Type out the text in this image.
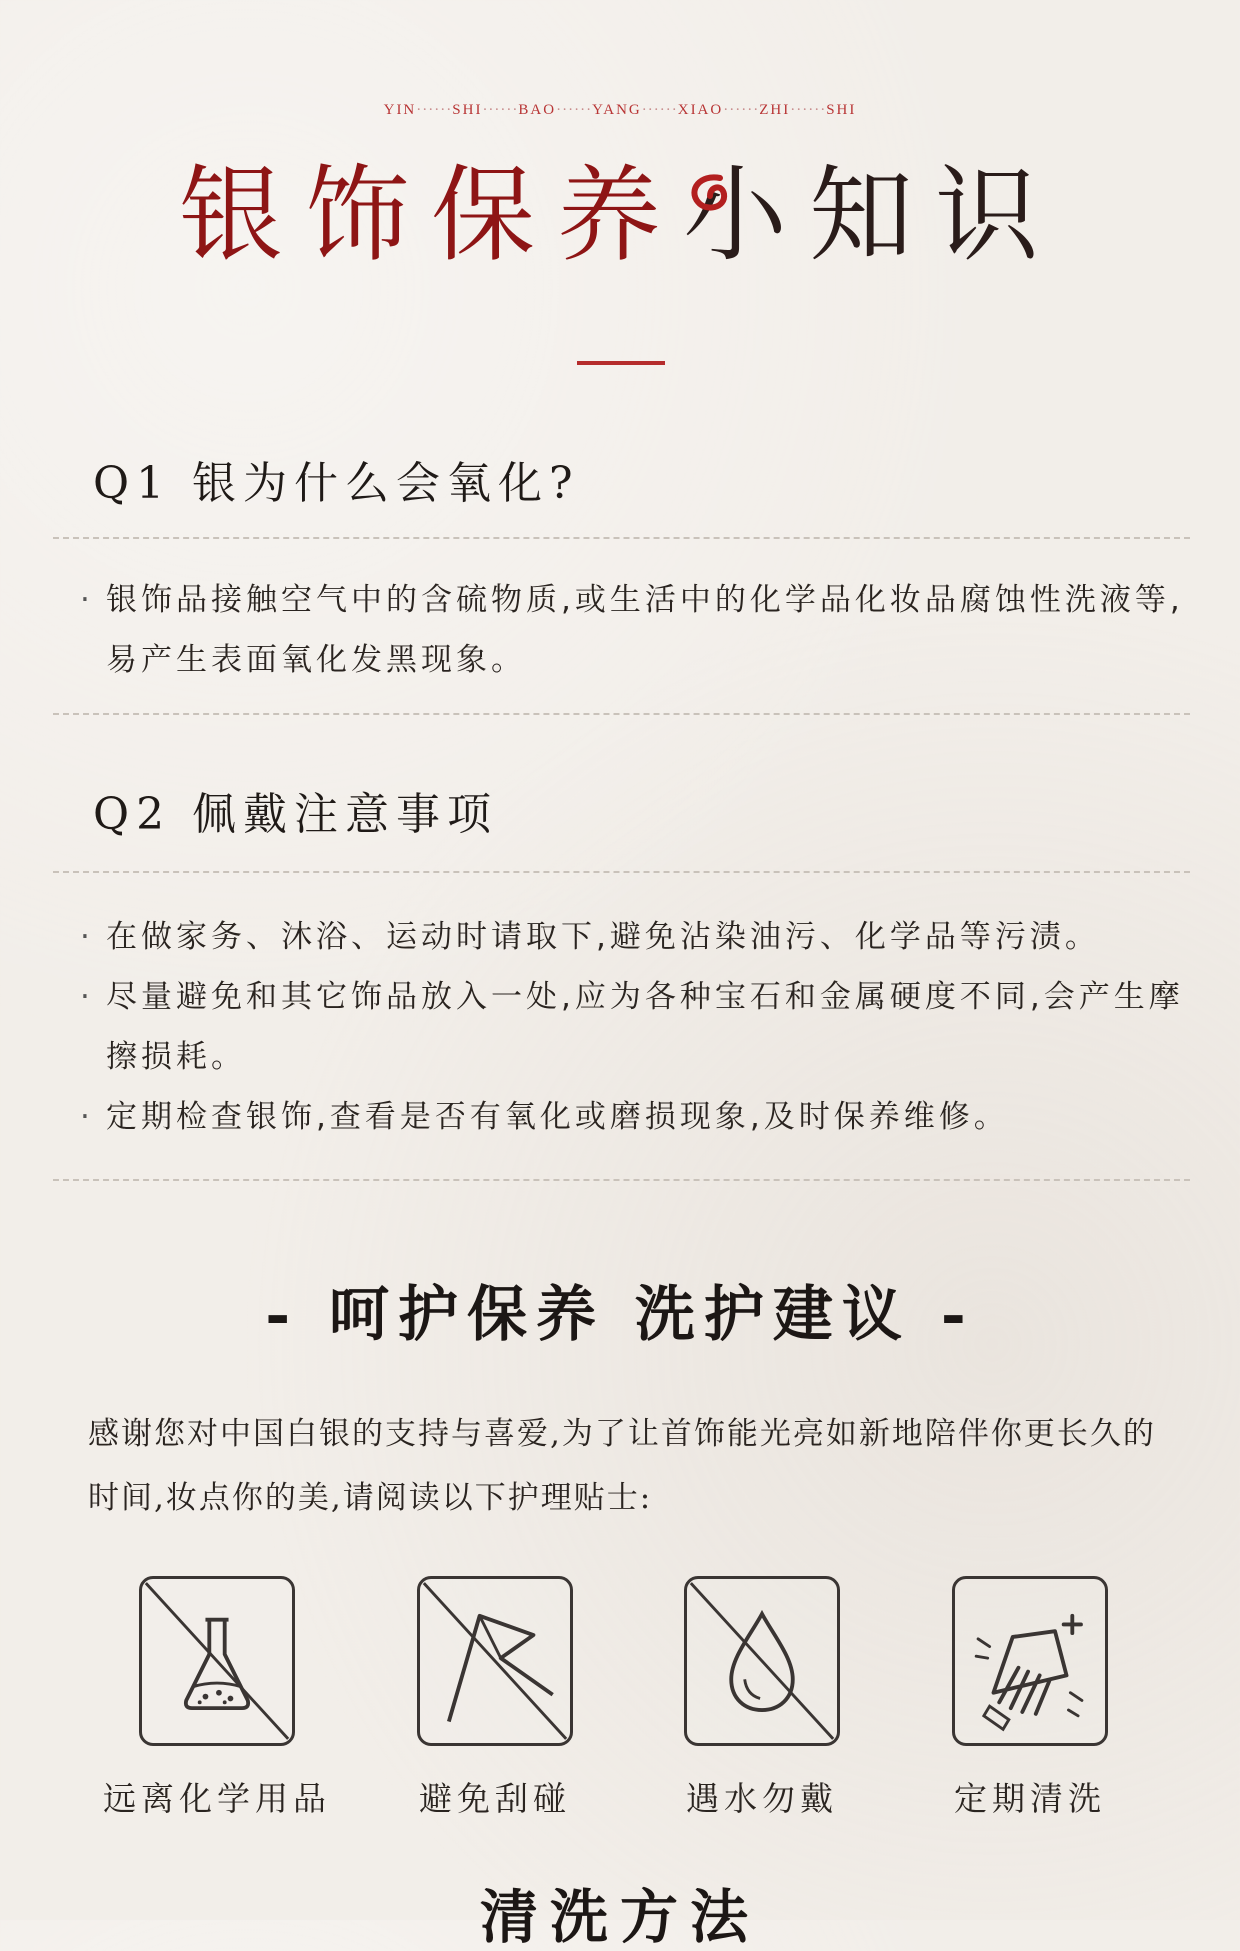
YIN······SHI······BAO······YANG······XIAO······ZHI······SHI
银饰保养小知识
Q1 银为什么会氧化?
· 银饰品接触空气中的含硫物质,或生活中的化学品化妆品腐蚀性洗液等,易产生表面氧化发黑现象。
Q2 佩戴注意事项
· 在做家务、沐浴、运动时请取下,避免沾染油污、化学品等污渍。
· 尽量避免和其它饰品放入一处,应为各种宝石和金属硬度不同,会产生摩擦损耗。
· 定期检查银饰,查看是否有氧化或磨损现象,及时保养维修。
- 呵护保养 洗护建议 -
感谢您对中国白银的支持与喜爱,为了让首饰能光亮如新地陪伴你更长久的时间,妆点你的美,请阅读以下护理贴士:
远离化学用品	避免刮碰	遇水勿戴	定期清洗
清洗方法
